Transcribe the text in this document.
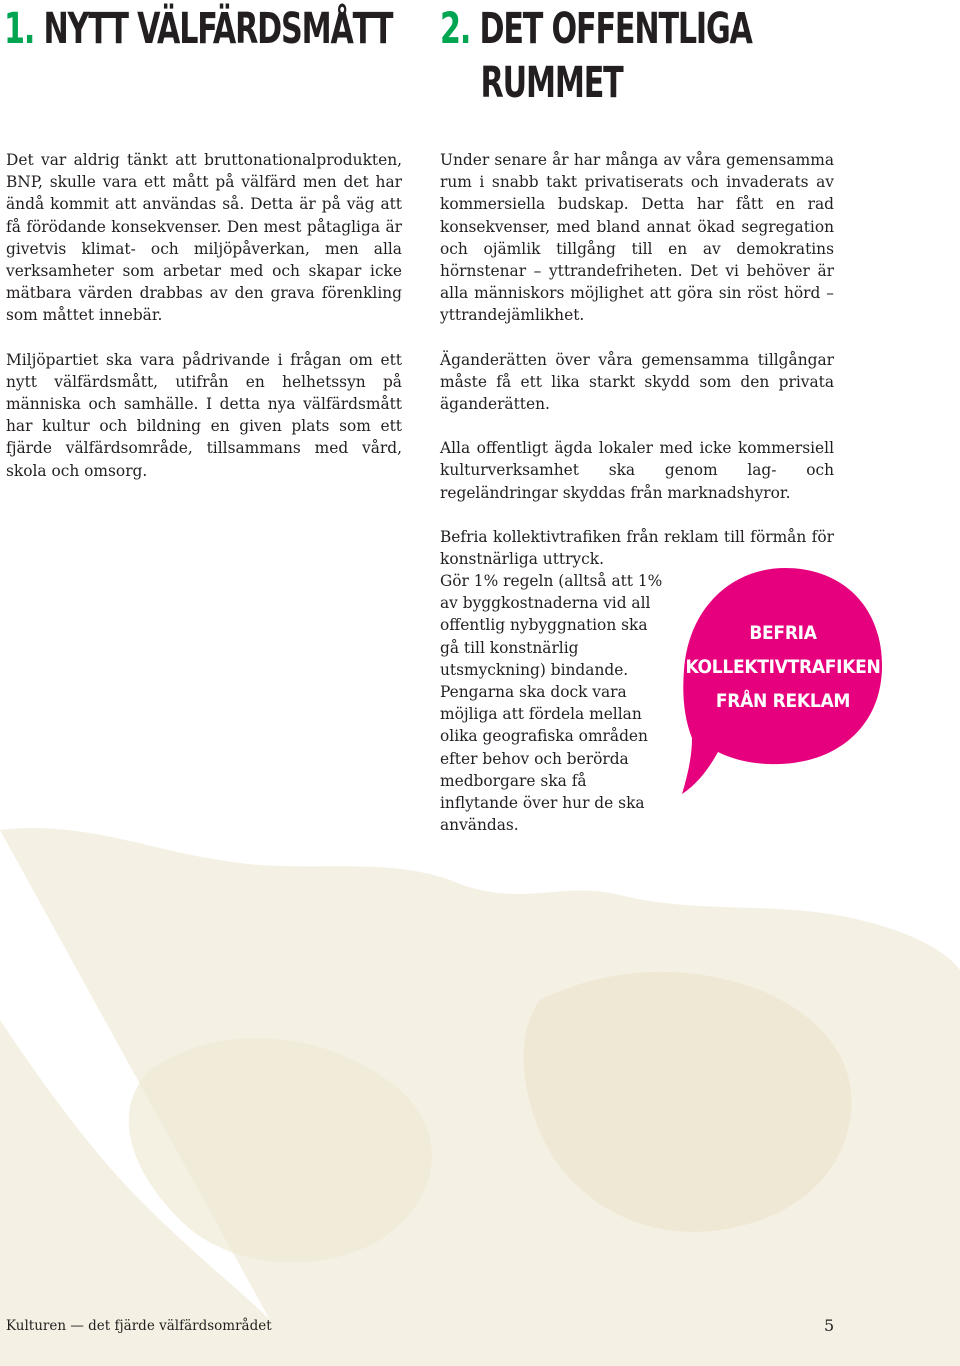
1. NYTT VÄLFÄRDSMÅTT 2. DET OFFENTLIGA
RUMMET

Det var aldrig tänkt att bruttonationalprodukten, BNP, skulle vara ett mått på välfärd men det har ändå kommit att användas så. Detta är på väg att få förödande konsekvenser. Den mest påtagliga är givetvis klimat- och miljöpåverkan, men alla verksamheter som arbetar med och skapar icke mätbara värden drabbas av den grava förenkling som måttet innebär.

Miljöpartiet ska vara pådrivande i frågan om ett nytt välfärdsmått, utifrån en helhetssyn på människa och samhälle. I detta nya välfärdsmått har kultur och bildning en given plats som ett fjärde välfärdsområde, tillsammans med vård, skola och omsorg.

Under senare år har många av våra gemensamma rum i snabb takt privatiserats och invaderats av kommersiella budskap. Detta har fått en rad konsekvenser, med bland annat ökad segregation och ojämlik tillgång till en av demokratins hörnstenar – yttrandefriheten. Det vi behöver är alla människors möjlighet att göra sin röst hörd – yttrandejämlikhet.

Äganderätten över våra gemensamma tillgångar måste få ett lika starkt skydd som den privata äganderätten.

Alla offentligt ägda lokaler med icke kommersiell kulturverksamhet ska genom lag- och regeländringar skyddas från marknadshyror.

Befria kollektivtrafiken från reklam till förmån för konstnärliga uttryck.

Gör 1% regeln (alltså att 1% av byggkostnaderna vid all offentlig nybyggnation ska gå till konstnärlig utsmyckning) bindande. Pengarna ska dock vara möjliga att fördela mellan olika geografiska områden efter behov och berörda medborgare ska få inflytande över hur de ska användas.

BEFRIA
KOLLEKTIVTRAFIKEN
FRÅN REKLAM
Kulturen — det fjärde välfärdsområdet	5
